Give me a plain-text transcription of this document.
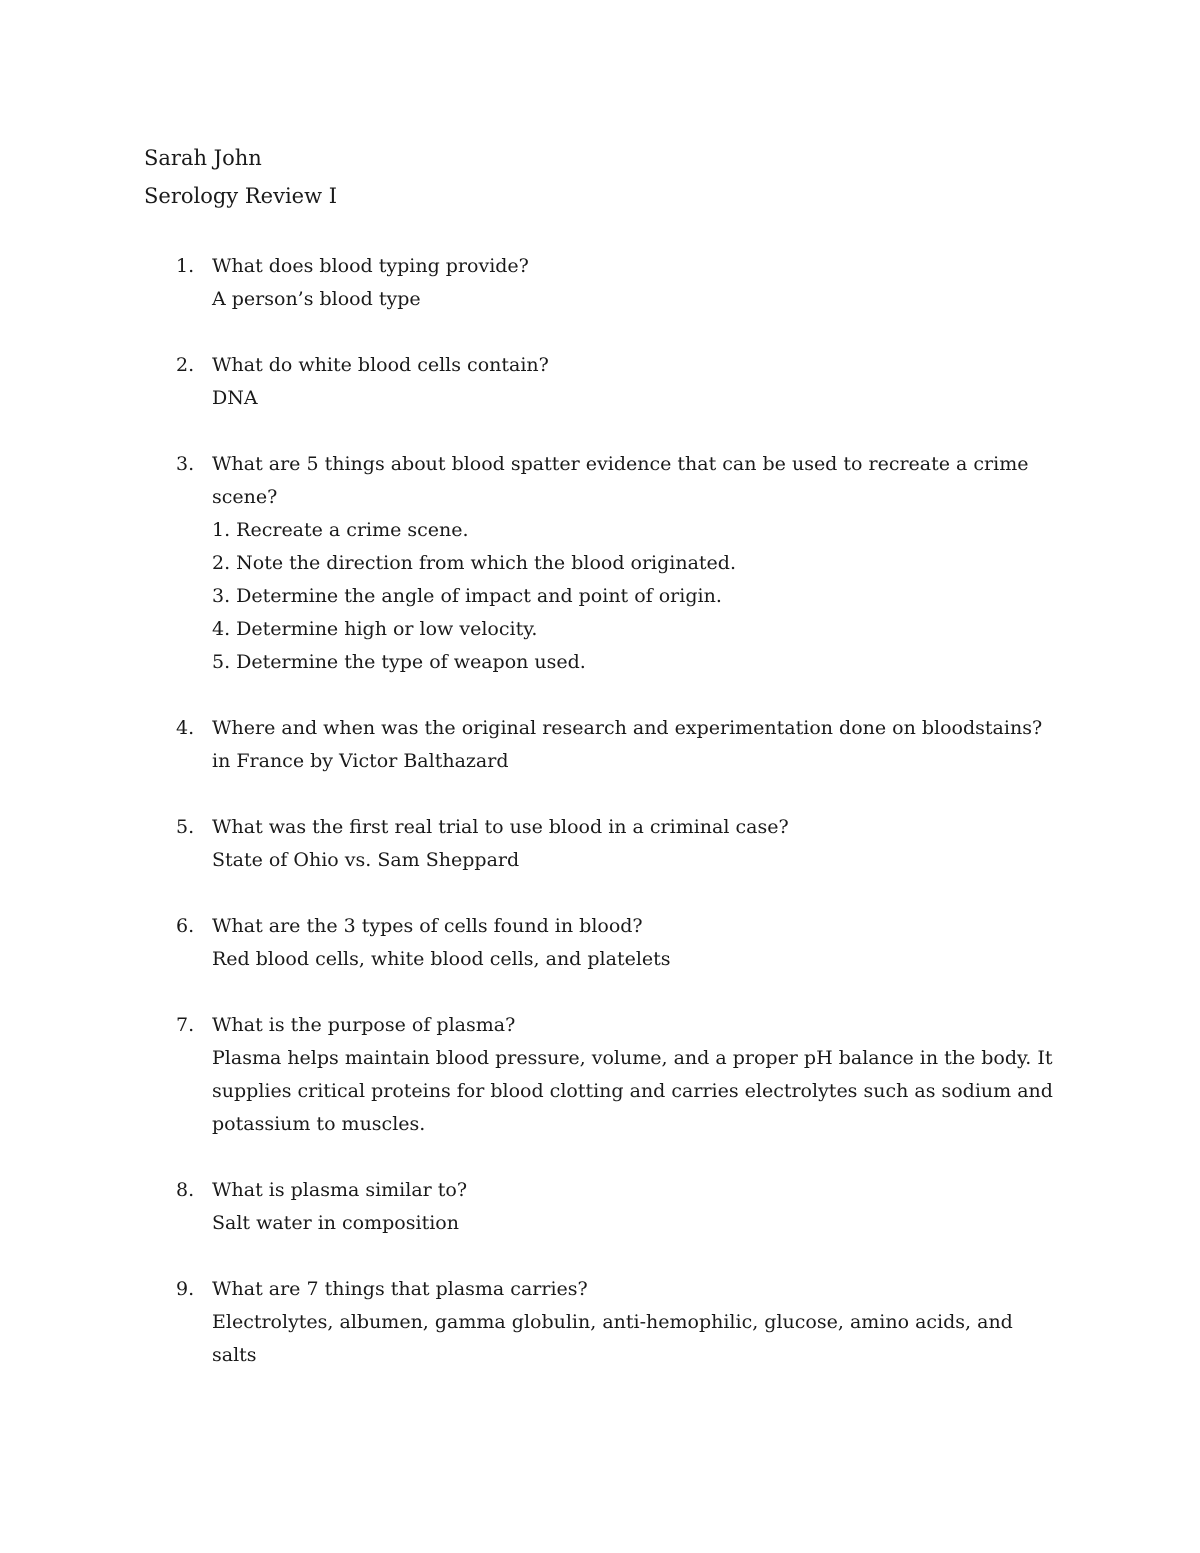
Sarah John
Serology Review I
1. What does blood typing provide?
A person’s blood type
2. What do white blood cells contain?
DNA
3. What are 5 things about blood spatter evidence that can be used to recreate a crime scene?
1. Recreate a crime scene.
2. Note the direction from which the blood originated.
3. Determine the angle of impact and point of origin.
4. Determine high or low velocity.
5. Determine the type of weapon used.
4. Where and when was the original research and experimentation done on bloodstains?
in France by Victor Balthazard
5. What was the first real trial to use blood in a criminal case?
State of Ohio vs. Sam Sheppard
6. What are the 3 types of cells found in blood?
Red blood cells, white blood cells, and platelets
7. What is the purpose of plasma?
Plasma helps maintain blood pressure, volume, and a proper pH balance in the body. It supplies critical proteins for blood clotting and carries electrolytes such as sodium and potassium to muscles.
8. What is plasma similar to?
Salt water in composition
9. What are 7 things that plasma carries?
Electrolytes, albumen, gamma globulin, anti-hemophilic, glucose, amino acids, and salts
